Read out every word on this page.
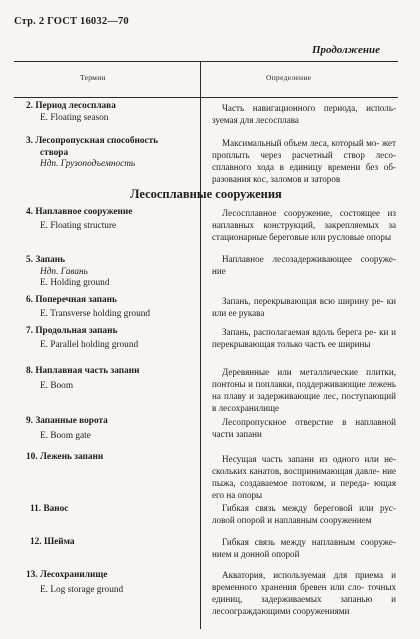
Стр. 2 ГОСТ 16032—70
Продолжение
Термин	Определение
2. Период лесосплава
E. Floating season
Часть навигационного периода, исполь- зуемая для лесосплава
3. Лесопропускная способность
створа
Ндп. Грузоподъемность
Максимальный объем леса, который мо- жет проплыть через расчетный створ лесо- сплавного хода в единицу времени без об- разования кос, заломов и заторов
Лесосплавные сооружения
4. Наплавное сооружение
E. Floating structure
Лесосплавное сооружение, состоящее из наплавных конструкций, закрепляемых за стационарные береговые или русловые опоры
5. Запань
Ндп. Гавань
E. Holding ground
Наплавное лесозадерживающее сооруже- ние
6. Поперечная запань
E. Transverse holding ground
Запань, перекрывающая всю ширину ре- ки или ее рукава
7. Продольная запань
E. Parallel holding ground
Запань, располагаемая вдоль берега ре- ки и перекрывающая только часть ее ширины
8. Наплавная часть запани
E. Boom
Деревянные или металлические плитки, понтоны и поплавки, поддерживающие лежень на плаву и задерживающие лес, поступающий в лесохранилище
9. Запанные ворота
E. Boom gate
Лесопропускное отверстие в наплавной части запани
10. Лежень запани	Несущая часть запани из одного или не- скольких канатов, воспринимающая давле- ние пыжа, создаваемое потоком, и переда- ющая его на опоры
11. Ванос	Гибкая связь между береговой или рус- ловой опорой и наплавным сооружением
12. Шейма	Гибкая связь между наплавным сооруже- нием и донной опорой
13. Лесохранилище
E. Log storage ground
Акватория, используемая для приема и временного хранения бревен или сло- точных единиц, задерживаемых запанью и лесоограждающими сооружениями
